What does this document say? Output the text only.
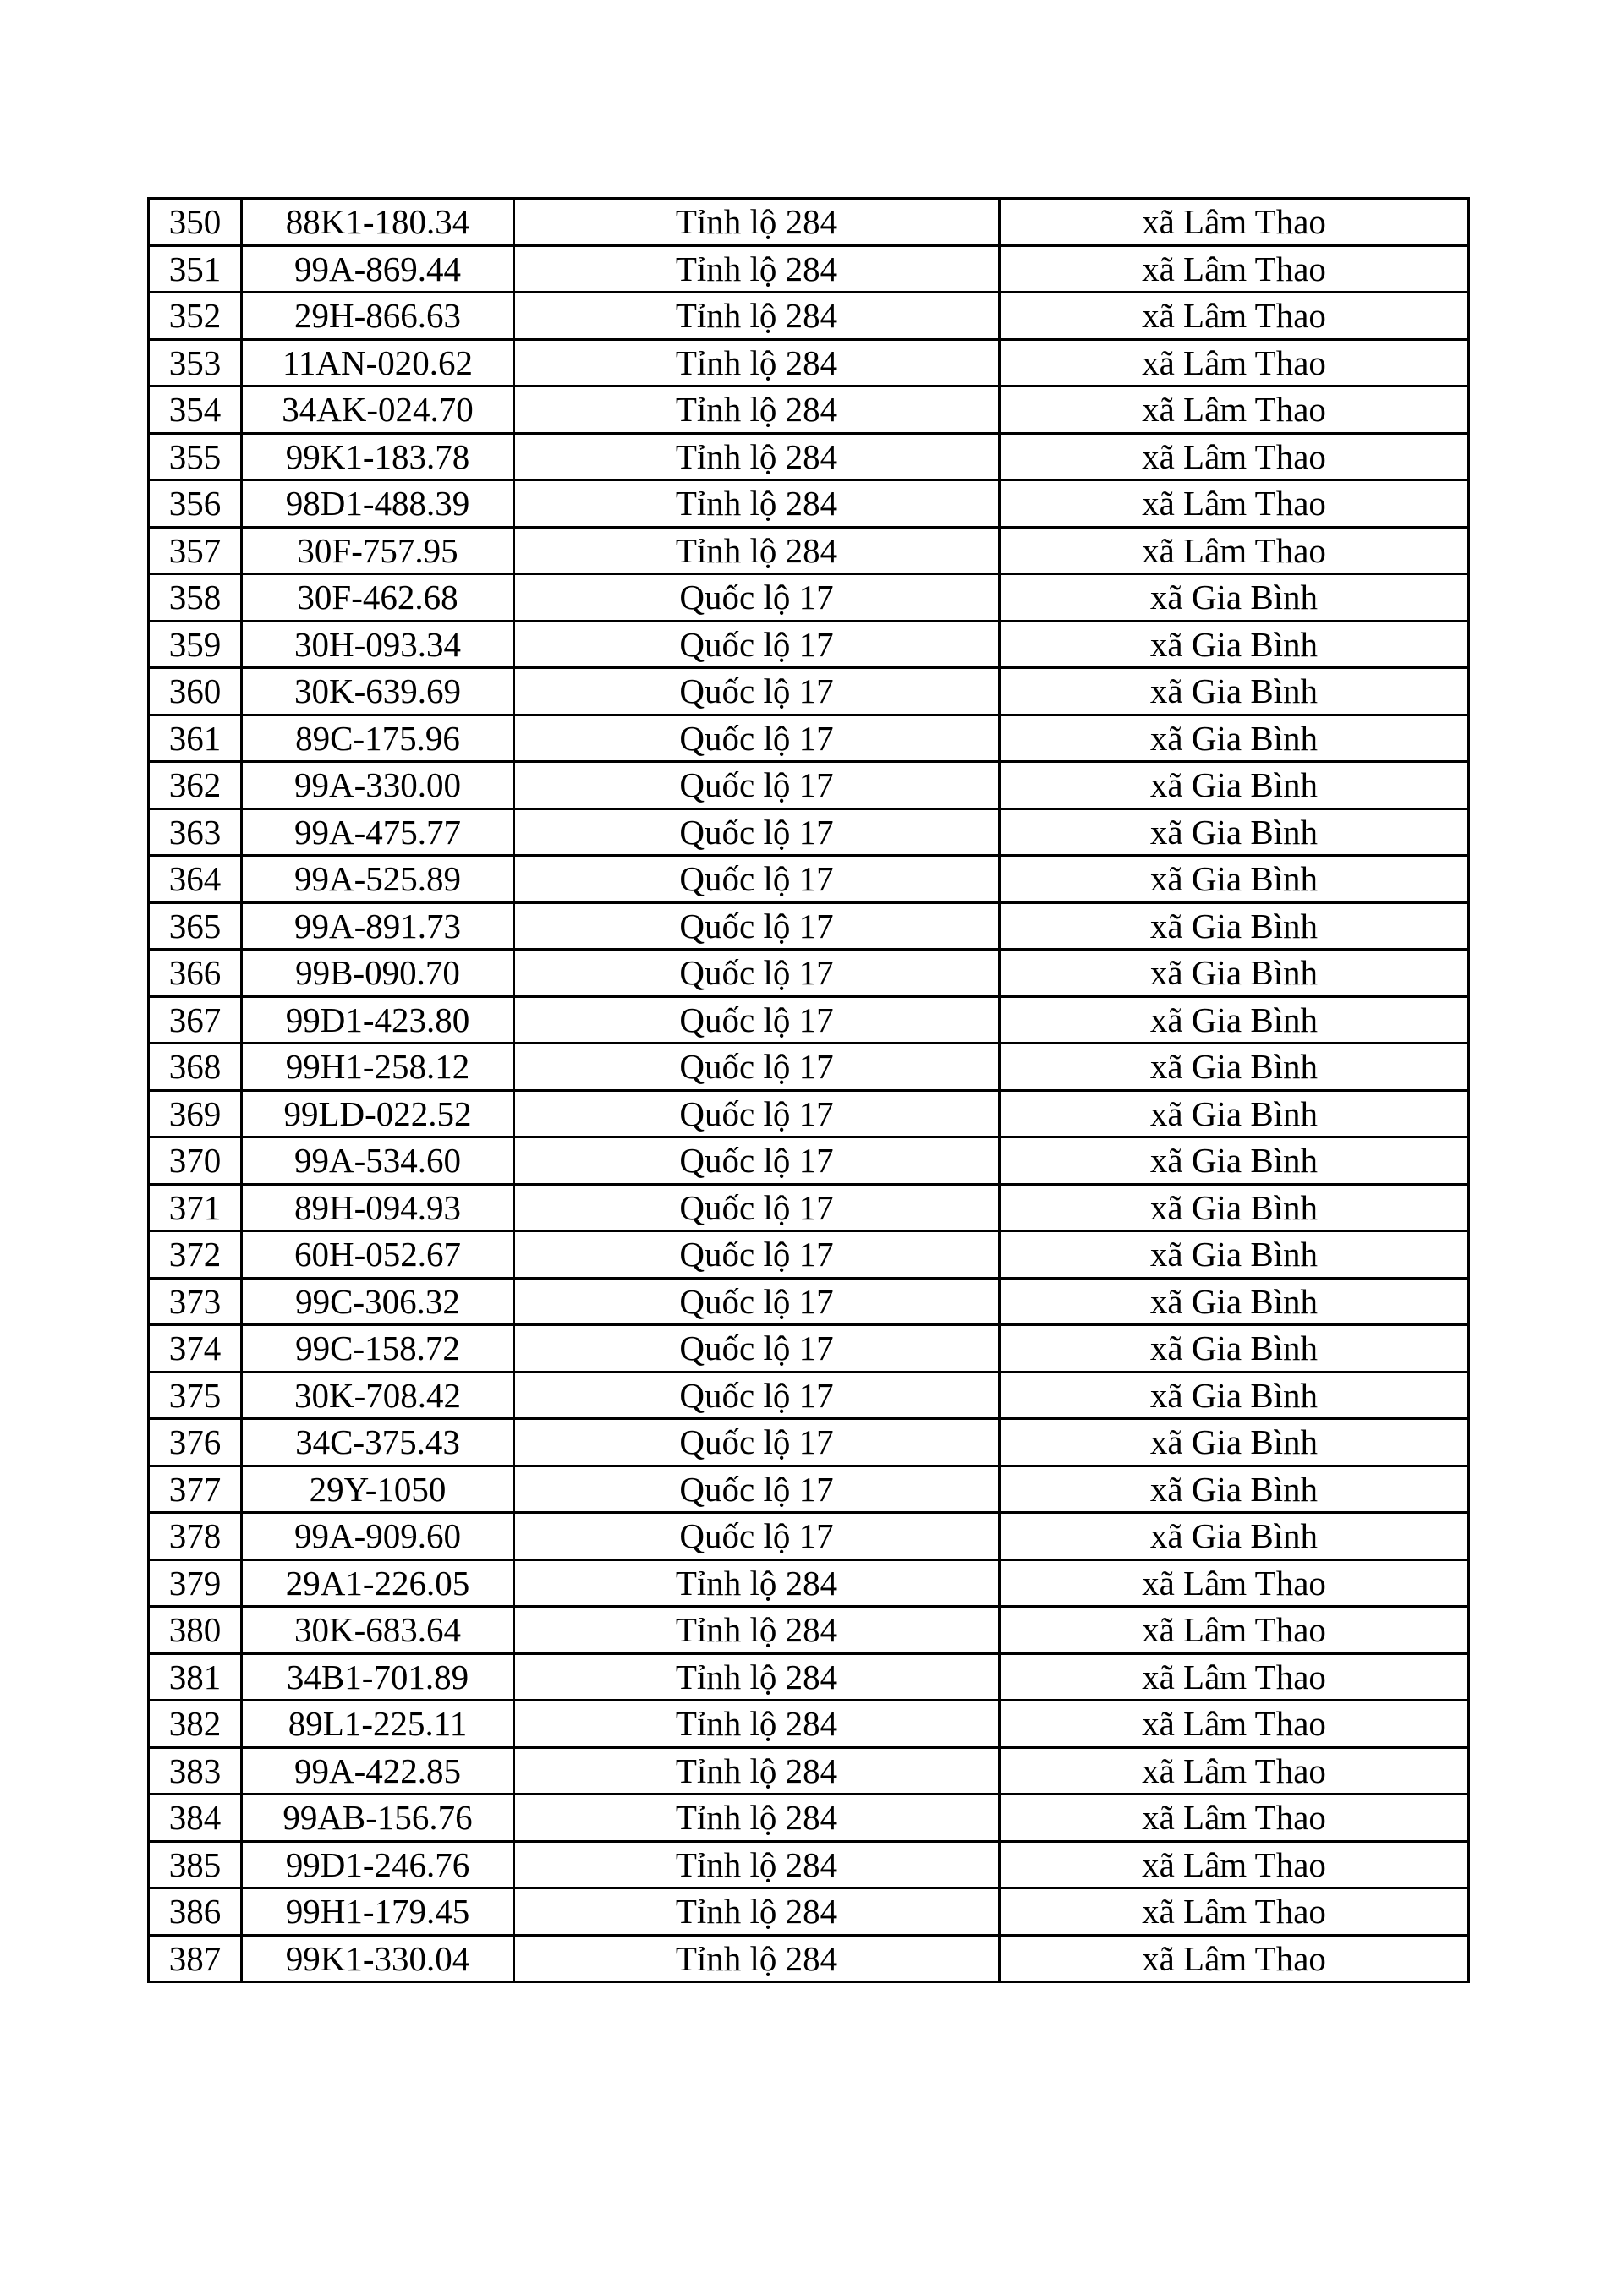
350	88K1-180.34	Tỉnh lộ 284	xã Lâm Thao
351	99A-869.44	Tỉnh lộ 284	xã Lâm Thao
352	29H-866.63	Tỉnh lộ 284	xã Lâm Thao
353	11AN-020.62	Tỉnh lộ 284	xã Lâm Thao
354	34AK-024.70	Tỉnh lộ 284	xã Lâm Thao
355	99K1-183.78	Tỉnh lộ 284	xã Lâm Thao
356	98D1-488.39	Tỉnh lộ 284	xã Lâm Thao
357	30F-757.95	Tỉnh lộ 284	xã Lâm Thao
358	30F-462.68	Quốc lộ 17	xã Gia Bình
359	30H-093.34	Quốc lộ 17	xã Gia Bình
360	30K-639.69	Quốc lộ 17	xã Gia Bình
361	89C-175.96	Quốc lộ 17	xã Gia Bình
362	99A-330.00	Quốc lộ 17	xã Gia Bình
363	99A-475.77	Quốc lộ 17	xã Gia Bình
364	99A-525.89	Quốc lộ 17	xã Gia Bình
365	99A-891.73	Quốc lộ 17	xã Gia Bình
366	99B-090.70	Quốc lộ 17	xã Gia Bình
367	99D1-423.80	Quốc lộ 17	xã Gia Bình
368	99H1-258.12	Quốc lộ 17	xã Gia Bình
369	99LD-022.52	Quốc lộ 17	xã Gia Bình
370	99A-534.60	Quốc lộ 17	xã Gia Bình
371	89H-094.93	Quốc lộ 17	xã Gia Bình
372	60H-052.67	Quốc lộ 17	xã Gia Bình
373	99C-306.32	Quốc lộ 17	xã Gia Bình
374	99C-158.72	Quốc lộ 17	xã Gia Bình
375	30K-708.42	Quốc lộ 17	xã Gia Bình
376	34C-375.43	Quốc lộ 17	xã Gia Bình
377	29Y-1050	Quốc lộ 17	xã Gia Bình
378	99A-909.60	Quốc lộ 17	xã Gia Bình
379	29A1-226.05	Tỉnh lộ 284	xã Lâm Thao
380	30K-683.64	Tỉnh lộ 284	xã Lâm Thao
381	34B1-701.89	Tỉnh lộ 284	xã Lâm Thao
382	89L1-225.11	Tỉnh lộ 284	xã Lâm Thao
383	99A-422.85	Tỉnh lộ 284	xã Lâm Thao
384	99AB-156.76	Tỉnh lộ 284	xã Lâm Thao
385	99D1-246.76	Tỉnh lộ 284	xã Lâm Thao
386	99H1-179.45	Tỉnh lộ 284	xã Lâm Thao
387	99K1-330.04	Tỉnh lộ 284	xã Lâm Thao
